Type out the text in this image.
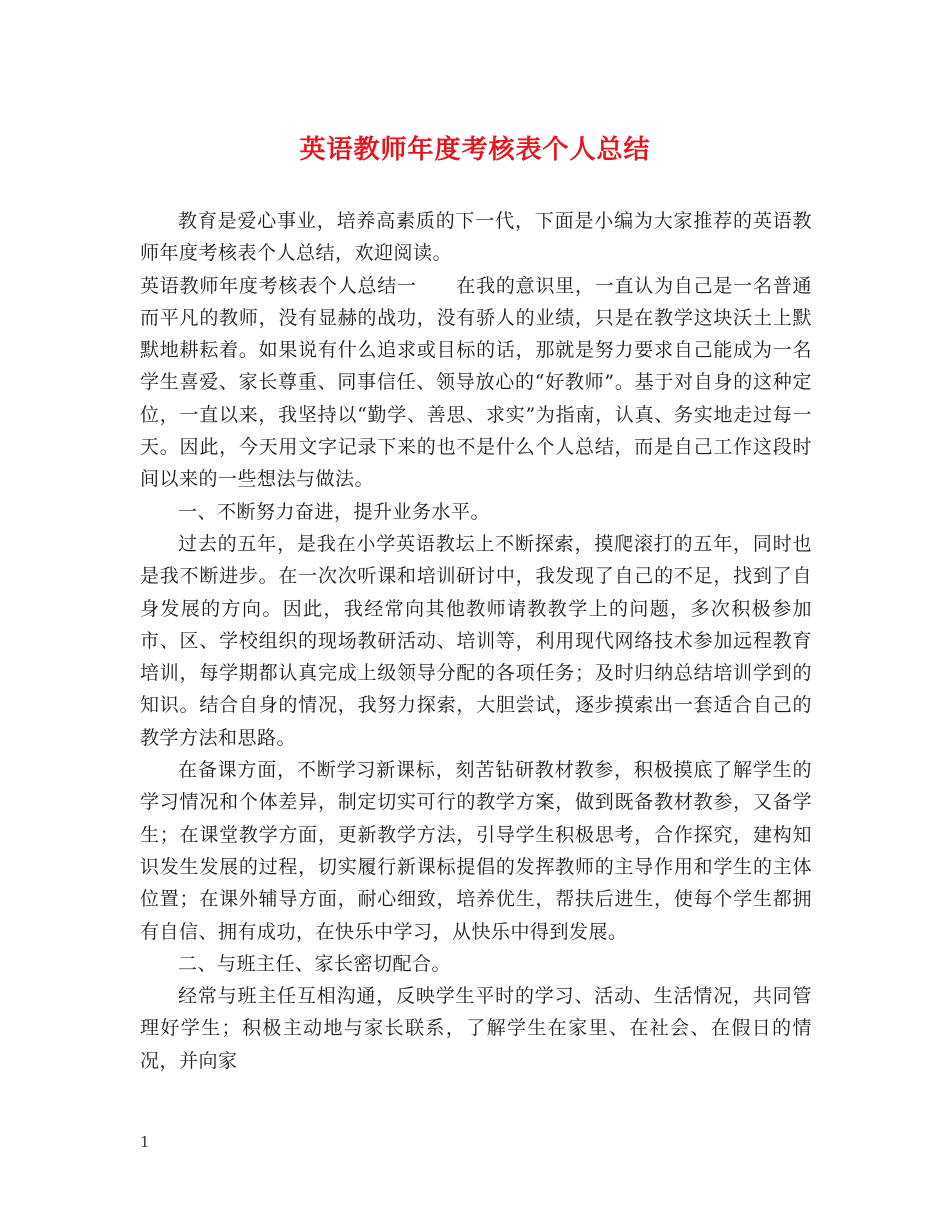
英语教师年度考核表个人总结

教育是爱心事业，培养高素质的下一代，下面是小编为大家推荐的英语教师年度考核表个人总结，欢迎阅读。

英语教师年度考核表个人总结一　　在我的意识里，一直认为自己是一名普通而平凡的教师，没有显赫的战功，没有骄人的业绩，只是在教学这块沃土上默默地耕耘着。如果说有什么追求或目标的话，那就是努力要求自己能成为一名学生喜爱、家长尊重、同事信任、领导放心的“好教师”。基于对自身的这种定位，一直以来，我坚持以“勤学、善思、求实”为指南，认真、务实地走过每一天。因此，今天用文字记录下来的也不是什么个人总结，而是自己工作这段时间以来的一些想法与做法。

一、不断努力奋进，提升业务水平。

过去的五年，是我在小学英语教坛上不断探索，摸爬滚打的五年，同时也是我不断进步。在一次次听课和培训研讨中，我发现了自己的不足，找到了自身发展的方向。因此，我经常向其他教师请教教学上的问题，多次积极参加市、区、学校组织的现场教研活动、培训等，利用现代网络技术参加远程教育培训，每学期都认真完成上级领导分配的各项任务；及时归纳总结培训学到的知识。结合自身的情况，我努力探索，大胆尝试，逐步摸索出一套适合自己的教学方法和思路。

在备课方面，不断学习新课标，刻苦钻研教材教参，积极摸底了解学生的学习情况和个体差异，制定切实可行的教学方案，做到既备教材教参，又备学生；在课堂教学方面，更新教学方法，引导学生积极思考，合作探究，建构知识发生发展的过程，切实履行新课标提倡的发挥教师的主导作用和学生的主体位置；在课外辅导方面，耐心细致，培养优生，帮扶后进生，使每个学生都拥有自信、拥有成功，在快乐中学习，从快乐中得到发展。

二、与班主任、家长密切配合。

经常与班主任互相沟通，反映学生平时的学习、活动、生活情况，共同管理好学生；积极主动地与家长联系，了解学生在家里、在社会、在假日的情况，并向家

1
